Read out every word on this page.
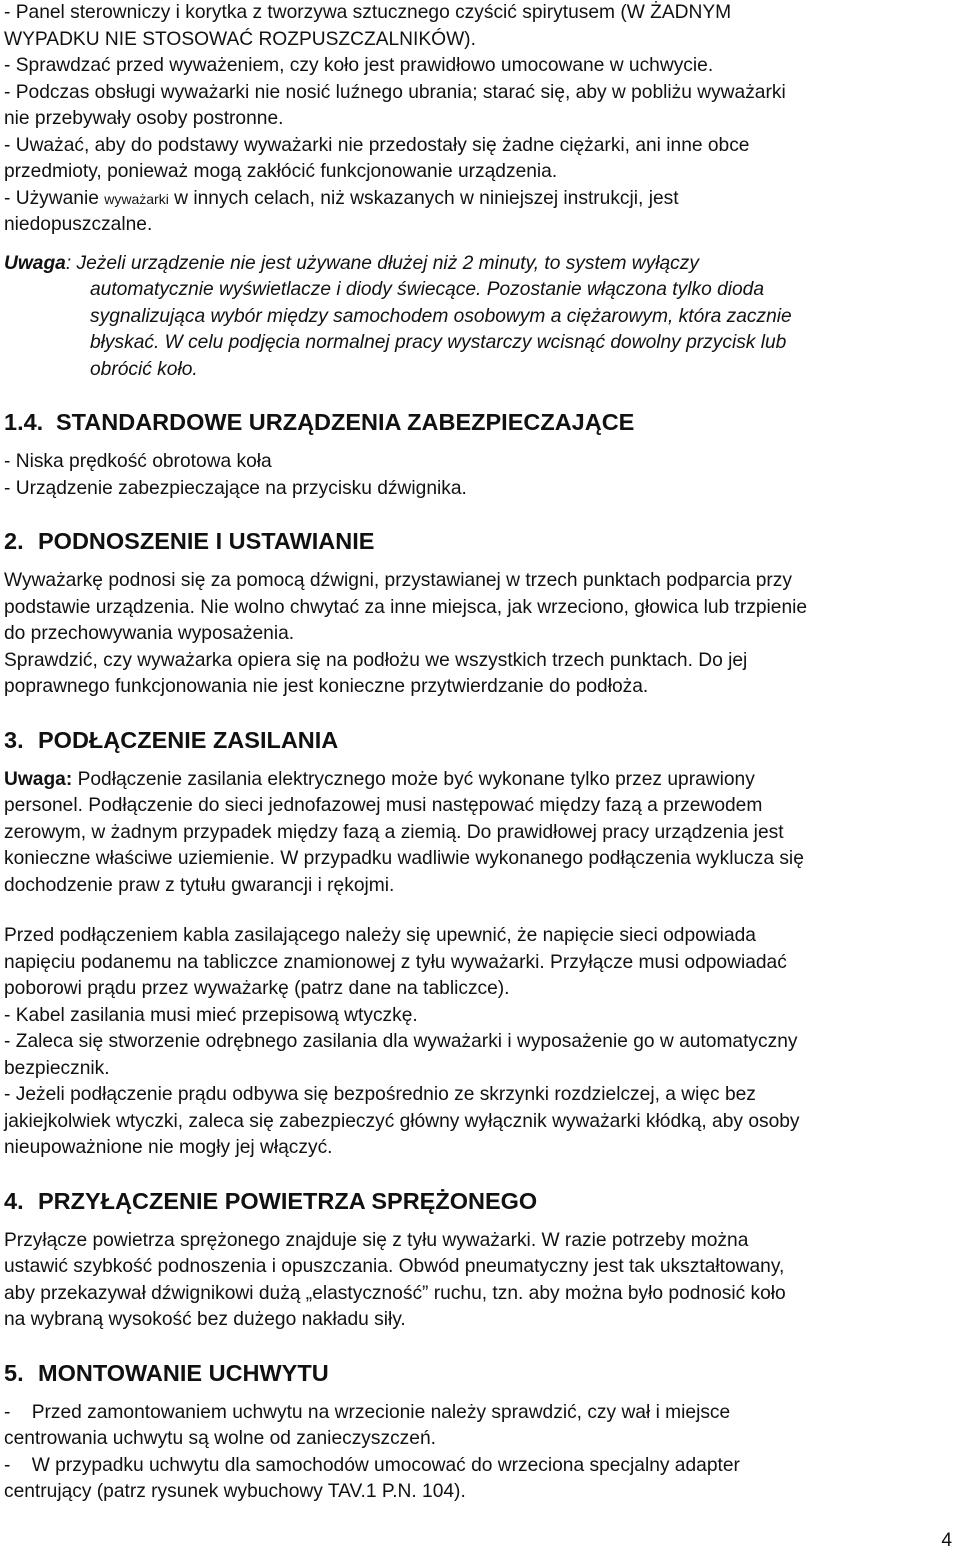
- Panel sterowniczy i korytka z tworzywa sztucznego czyścić spirytusem (W ŻADNYM

WYPADKU NIE STOSOWAĆ ROZPUSZCZALNIKÓW).

- Sprawdzać przed wyważeniem, czy koło jest prawidłowo umocowane w uchwycie.

- Podczas obsługi wyważarki nie nosić luźnego ubrania; starać się, aby w pobliżu wyważarki

nie przebywały osoby postronne.

- Uważać, aby do podstawy wyważarki nie przedostały się żadne ciężarki, ani inne obce

przedmioty, ponieważ mogą zakłócić funkcjonowanie urządzenia.

- Używanie wyważarki w innych celach, niż wskazanych w niniejszej instrukcji, jest

niedopuszczalne.

Uwaga: Jeżeli urządzenie nie jest używane dłużej niż 2 minuty, to system wyłączy

automatycznie wyświetlacze i diody świecące. Pozostanie włączona tylko dioda

sygnalizująca wybór między samochodem osobowym a ciężarowym, która zacznie

błyskać. W celu podjęcia normalnej pracy wystarczy wcisnąć dowolny przycisk lub

obrócić koło.

1.4. STANDARDOWE URZĄDZENIA ZABEZPIECZAJĄCE

- Niska prędkość obrotowa koła

- Urządzenie zabezpieczające na przycisku dźwignika.

2. PODNOSZENIE I USTAWIANIE

Wyważarkę podnosi się za pomocą dźwigni, przystawianej w trzech punktach podparcia przy

podstawie urządzenia. Nie wolno chwytać za inne miejsca, jak wrzeciono, głowica lub trzpienie

do przechowywania wyposażenia.

Sprawdzić, czy wyważarka opiera się na podłożu we wszystkich trzech punktach. Do jej

poprawnego funkcjonowania nie jest konieczne przytwierdzanie do podłoża.

3. PODŁĄCZENIE ZASILANIA

Uwaga: Podłączenie zasilania elektrycznego może być wykonane tylko przez uprawiony

personel. Podłączenie do sieci jednofazowej musi następować między fazą a przewodem

zerowym, w żadnym przypadek między fazą a ziemią. Do prawidłowej pracy urządzenia jest

konieczne właściwe uziemienie. W przypadku wadliwie wykonanego podłączenia wyklucza się

dochodzenie praw z tytułu gwarancji i rękojmi.

Przed podłączeniem kabla zasilającego należy się upewnić, że napięcie sieci odpowiada

napięciu podanemu na tabliczce znamionowej z tyłu wyważarki. Przyłącze musi odpowiadać

poborowi prądu przez wyważarkę (patrz dane na tabliczce).

- Kabel zasilania musi mieć przepisową wtyczkę.

- Zaleca się stworzenie odrębnego zasilania dla wyważarki i wyposażenie go w automatyczny

bezpiecznik.

- Jeżeli podłączenie prądu odbywa się bezpośrednio ze skrzynki rozdzielczej, a więc bez

jakiejkolwiek wtyczki, zaleca się zabezpieczyć główny wyłącznik wyważarki kłódką, aby osoby

nieupoważnione nie mogły jej włączyć.

4. PRZYŁĄCZENIE POWIETRZA SPRĘŻONEGO

Przyłącze powietrza sprężonego znajduje się z tyłu wyważarki. W razie potrzeby można

ustawić szybkość podnoszenia i opuszczania. Obwód pneumatyczny jest tak ukształtowany,

aby przekazywał dźwignikowi dużą „elastyczność” ruchu, tzn. aby można było podnosić koło

na wybraną wysokość bez dużego nakładu siły.

5. MONTOWANIE UCHWYTU

-    Przed zamontowaniem uchwytu na wrzecionie należy sprawdzić, czy wał i miejsce

centrowania uchwytu są wolne od zanieczyszczeń.

-    W przypadku uchwytu dla samochodów umocować do wrzeciona specjalny adapter

centrujący (patrz rysunek wybuchowy TAV.1 P.N. 104).

4
